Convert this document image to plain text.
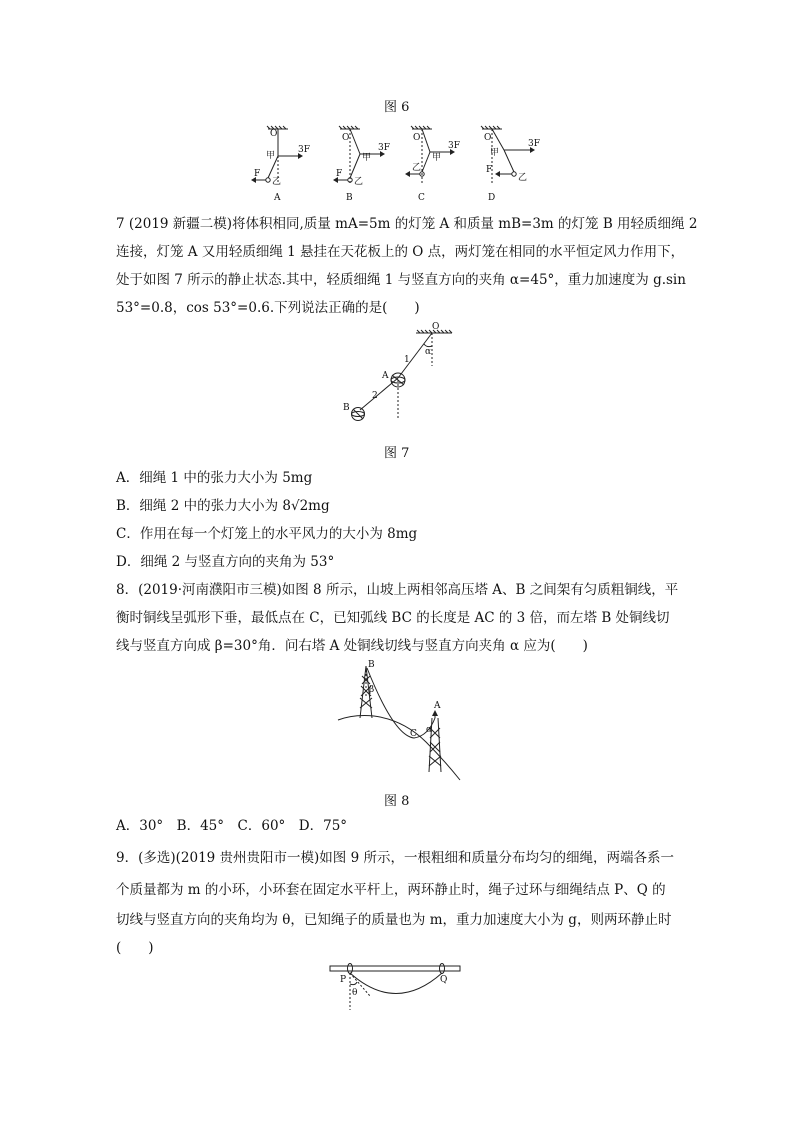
图 6
O
甲
3F
F
乙
A
O
甲
3F
F
乙
B
O
甲
3F
乙
C
O
甲
3F
F
乙
D
7 (2019 新疆二模)将体积相同,质量 mA=5m 的灯笼 A 和质量 mB=3m 的灯笼 B 用轻质细绳 2
连接，灯笼 A 又用轻质细绳 1 悬挂在天花板上的 O 点，两灯笼在相同的水平恒定风力作用下，
处于如图 7 所示的静止状态.其中，轻质细绳 1 与竖直方向的夹角 α=45°，重力加速度为 g.sin
53°=0.8，cos 53°=0.6.下列说法正确的是(　　)
O
α
1
2
A
B
图 7
A．细绳 1 中的张力大小为 5mg
B．细绳 2 中的张力大小为 8√2mg
C．作用在每一个灯笼上的水平风力的大小为 8mg
D．细绳 2 与竖直方向的夹角为 53°
8．(2019·河南濮阳市三模)如图 8 所示，山坡上两相邻高压塔 A、B 之间架有匀质粗铜线，平
衡时铜线呈弧形下垂，最低点在 C，已知弧线 BC 的长度是 AC 的 3 倍，而左塔 B 处铜线切
线与竖直方向成 β=30°角．问右塔 A 处铜线切线与竖直方向夹角 α 应为(　　)
B
β
C
A
α
图 8
A．30°　B．45°　C．60°　D．75°
9．(多选)(2019 贵州贵阳市一模)如图 9 所示，一根粗细和质量分布均匀的细绳，两端各系一
个质量都为 m 的小环，小环套在固定水平杆上，两环静止时，绳子过环与细绳结点 P、Q 的
切线与竖直方向的夹角均为 θ，已知绳子的质量也为 m，重力加速度大小为 g，则两环静止时
(　　)
P	Q
θ
